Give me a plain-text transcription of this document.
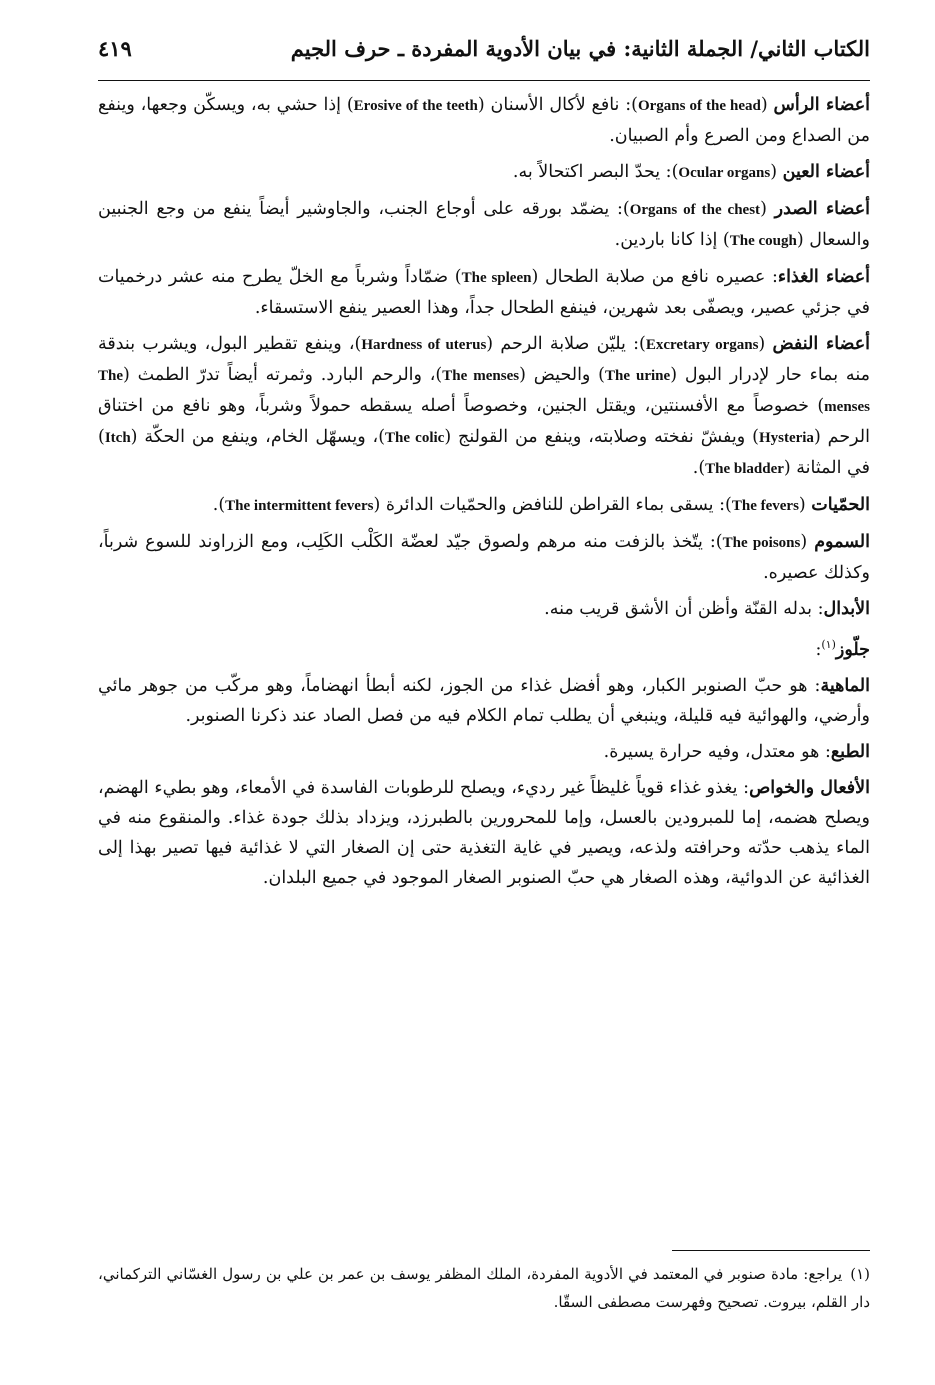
الكتاب الثاني/ الجملة الثانية: في بيان الأدوية المفردة ـ حرف الجيم
٤١٩

أعضاء الرأس (Organs of the head): نافع لأكال الأسنان (Erosive of the teeth) إذا حشي به، ويسكّن وجعها، وينفع من الصداع ومن الصرع وأم الصبيان.

أعضاء العين (Ocular organs): يحدّ البصر اكتحالاً به.

أعضاء الصدر (Organs of the chest): يضمّد بورقه على أوجاع الجنب، والجاوشير أيضاً ينفع من وجع الجنبين والسعال (The cough) إذا كانا باردين.

أعضاء الغذاء: عصيره نافع من صلابة الطحال (The spleen) ضمّاداً وشرباً مع الخلّ يطرح منه عشر درخميات في جزئي عصير، ويصفّى بعد شهرين، فينفع الطحال جداً، وهذا العصير ينفع الاستسقاء.

أعضاء النفض (Excretary organs): يليّن صلابة الرحم (Hardness of uterus)، وينفع تقطير البول، ويشرب بندقة منه بماء حار لإدرار البول (The urine) والحيض (The menses)، والرحم البارد. وثمرته أيضاً تدرّ الطمث (The menses) خصوصاً مع الأفسنتين، ويقتل الجنين، وخصوصاً أصله يسقطه حمولاً وشرباً، وهو نافع من اختناق الرحم (Hysteria) ويفشّ نفخته وصلابته، وينفع من القولنج (The colic)، ويسهّل الخام، وينفع من الحكّة (Itch) في المثانة (The bladder).

الحمّيات (The fevers): يسقى بماء القراطن للنافض والحمّيات الدائرة (The intermittent fevers).

السموم (The poisons): يتّخذ بالزفت منه مرهم ولصوق جيّد لعضّة الكَلْب الكَلِب، ومع الزراوند للسوع شرباً، وكذلك عصيره.

الأبدال: بدله القنّة وأظن أن الأشق قريب منه.

جلّوز$^{(١)}$:

الماهية: هو حبّ الصنوبر الكبار، وهو أفضل غذاء من الجوز، لكنه أبطأ انهضاماً، وهو مركّب من جوهر مائي وأرضي، والهوائية فيه قليلة، وينبغي أن يطلب تمام الكلام فيه من فصل الصاد عند ذكرنا الصنوبر.

الطبع: هو معتدل، وفيه حرارة يسيرة.

الأفعال والخواص: يغذو غذاء قوياً غليظاً غير رديء، ويصلح للرطوبات الفاسدة في الأمعاء، وهو بطيء الهضم، ويصلح هضمه، إما للمبرودين بالعسل، وإما للمحرورين بالطبرزد، ويزداد بذلك جودة غذاء. والمنقوع منه في الماء يذهب حدّته وحرافته ولذعه، ويصير في غاية التغذية حتى إن الصغار التي لا غذائية فيها تصير بهذا إلى الغذائية عن الدوائية، وهذه الصغار هي حبّ الصنوبر الصغار الموجود في جميع البلدان.

(١)يراجع: مادة صنوبر في المعتمد في الأدوية المفردة، الملك المظفر يوسف بن عمر بن علي بن رسول الغسّاني التركماني، دار القلم، بيروت. تصحيح وفهرست مصطفى السقّا.
